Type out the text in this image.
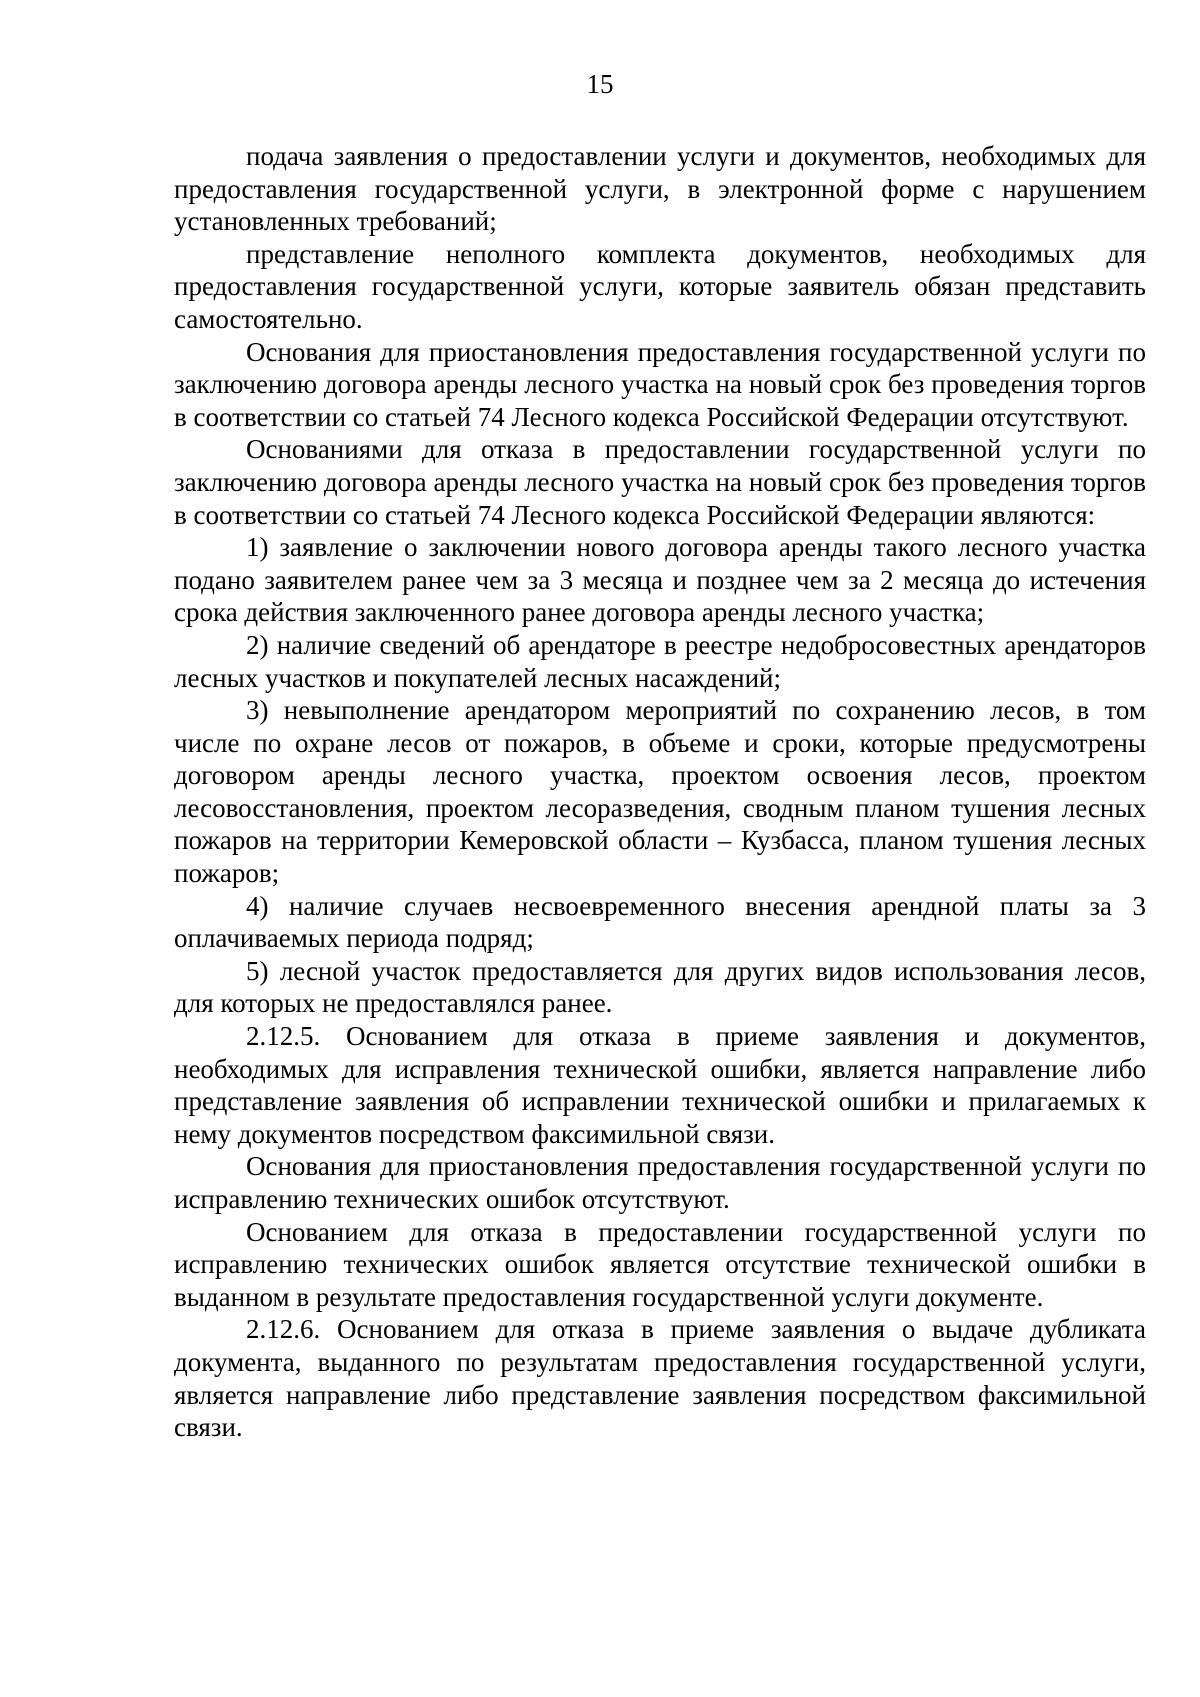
15

подача заявления о предоставлении услуги и документов, необходимых для предоставления государственной услуги, в электронной форме с нарушением установленных требований;

представление неполного комплекта документов, необходимых для предоставления государственной услуги, которые заявитель обязан представить самостоятельно.

Основания для приостановления предоставления государственной услуги по заключению договора аренды лесного участка на новый срок без проведения торгов в соответствии со статьей 74 Лесного кодекса Российской Федерации отсутствуют.

Основаниями для отказа в предоставлении государственной услуги по заключению договора аренды лесного участка на новый срок без проведения торгов в соответствии со статьей 74 Лесного кодекса Российской Федерации являются:

1) заявление о заключении нового договора аренды такого лесного участка подано заявителем ранее чем за 3 месяца и позднее чем за 2 месяца до истечения срока действия заключенного ранее договора аренды лесного участка;

2) наличие сведений об арендаторе в реестре недобросовестных арендаторов лесных участков и покупателей лесных насаждений;

3) невыполнение арендатором мероприятий по сохранению лесов, в том числе по охране лесов от пожаров, в объеме и сроки, которые предусмотрены договором аренды лесного участка, проектом освоения лесов, проектом лесовосстановления, проектом лесоразведения, сводным планом тушения лесных пожаров на территории Кемеровской области – Кузбасса, планом тушения лесных пожаров;

4) наличие случаев несвоевременного внесения арендной платы за 3 оплачиваемых периода подряд;

5) лесной участок предоставляется для других видов использования лесов, для которых не предоставлялся ранее.

2.12.5. Основанием для отказа в приеме заявления и документов, необходимых для исправления технической ошибки, является направление либо представление заявления об исправлении технической ошибки и прилагаемых к нему документов посредством факсимильной связи.

Основания для приостановления предоставления государственной услуги по исправлению технических ошибок отсутствуют.

Основанием для отказа в предоставлении государственной услуги по исправлению технических ошибок является отсутствие технической ошибки в выданном в результате предоставления государственной услуги документе.

2.12.6. Основанием для отказа в приеме заявления о выдаче дубликата документа, выданного по результатам предоставления государственной услуги, является направление либо представление заявления посредством факсимильной связи.
